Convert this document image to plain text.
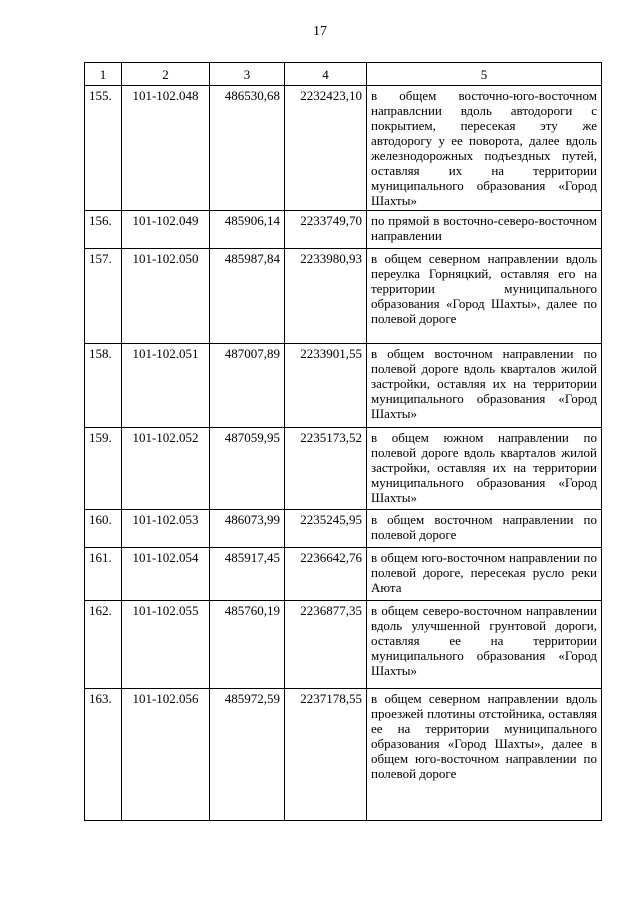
17
1	2	3	4	5
155.	101-102.048	486530,68	2232423,10	в общем восточно-юго-восточном направлснии вдоль автодороги с покрытием, пересекая эту же автодорогу у ее поворота, далее вдоль железнодорожных подъездных путей, оставляя их на территории муниципального образования «Город Шахты»
156.	101-102.049	485906,14	2233749,70	по прямой в восточно-северо-восточном направлении
157.	101-102.050	485987,84	2233980,93	в общем северном направлении вдоль переулка Горняцкий, оставляя его на территории муниципального образования «Город Шахты», далее по полевой дороге
158.	101-102.051	487007,89	2233901,55	в общем восточном направлении по полевой дороге вдоль кварталов жилой застройки, оставляя их на территории муниципального образования «Город Шахты»
159.	101-102.052	487059,95	2235173,52	в общем южном направлении по полевой дороге вдоль кварталов жилой застройки, оставляя их на территории муниципального образования «Город Шахты»
160.	101-102.053	486073,99	2235245,95	в общем восточном направлении по полевой дороге
161.	101-102.054	485917,45	2236642,76	в общем юго-восточном направлении по полевой дороге, пересекая русло реки Аюта
162.	101-102.055	485760,19	2236877,35	в общем северо-восточном направлении вдоль улучшенной грунтовой дороги, оставляя ее на территории муниципального образования «Город Шахты»
163.	101-102.056	485972,59	2237178,55	в общем северном направлении вдоль проезжей плотины отстойника, оставляя ее на территории муниципального образования «Город Шахты», далее в общем юго-восточном направлении по полевой дороге
